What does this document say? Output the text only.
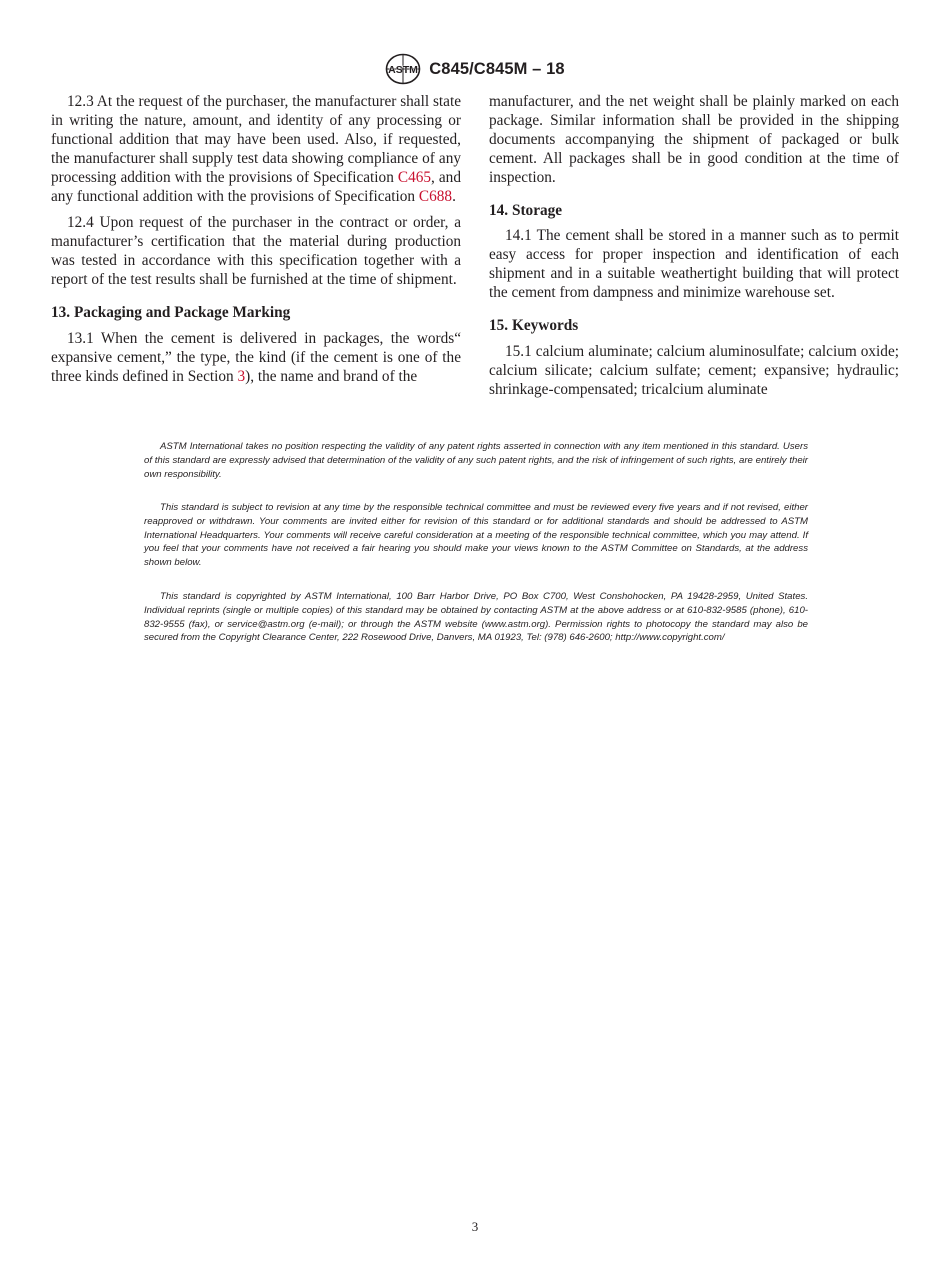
ASTM C845/C845M – 18

12.3 At the request of the purchaser, the manufacturer shall state in writing the nature, amount, and identity of any processing or functional addition that may have been used. Also, if requested, the manufacturer shall supply test data showing compliance of any processing addition with the provisions of Specification C465, and any functional addition with the provisions of Specification C688.

12.4 Upon request of the purchaser in the contract or order, a manufacturer’s certification that the material during production was tested in accordance with this specification together with a report of the test results shall be furnished at the time of shipment.

13. Packaging and Package Marking

13.1 When the cement is delivered in packages, the words“ expansive cement,” the type, the kind (if the cement is one of the three kinds defined in Section 3), the name and brand of the

manufacturer, and the net weight shall be plainly marked on each package. Similar information shall be provided in the shipping documents accompanying the shipment of packaged or bulk cement. All packages shall be in good condition at the time of inspection.

14. Storage

14.1 The cement shall be stored in a manner such as to permit easy access for proper inspection and identification of each shipment and in a suitable weathertight building that will protect the cement from dampness and minimize warehouse set.

15. Keywords

15.1 calcium aluminate; calcium aluminosulfate; calcium oxide; calcium silicate; calcium sulfate; cement; expansive; hydraulic; shrinkage-compensated; tricalcium aluminate

ASTM International takes no position respecting the validity of any patent rights asserted in connection with any item mentioned in this standard. Users of this standard are expressly advised that determination of the validity of any such patent rights, and the risk of infringement of such rights, are entirely their own responsibility.

This standard is subject to revision at any time by the responsible technical committee and must be reviewed every five years and if not revised, either reapproved or withdrawn. Your comments are invited either for revision of this standard or for additional standards and should be addressed to ASTM International Headquarters. Your comments will receive careful consideration at a meeting of the responsible technical committee, which you may attend. If you feel that your comments have not received a fair hearing you should make your views known to the ASTM Committee on Standards, at the address shown below.

This standard is copyrighted by ASTM International, 100 Barr Harbor Drive, PO Box C700, West Conshohocken, PA 19428-2959, United States. Individual reprints (single or multiple copies) of this standard may be obtained by contacting ASTM at the above address or at 610-832-9585 (phone), 610-832-9555 (fax), or service@astm.org (e-mail); or through the ASTM website (www.astm.org). Permission rights to photocopy the standard may also be secured from the Copyright Clearance Center, 222 Rosewood Drive, Danvers, MA 01923, Tel: (978) 646-2600; http://www.copyright.com/

3
